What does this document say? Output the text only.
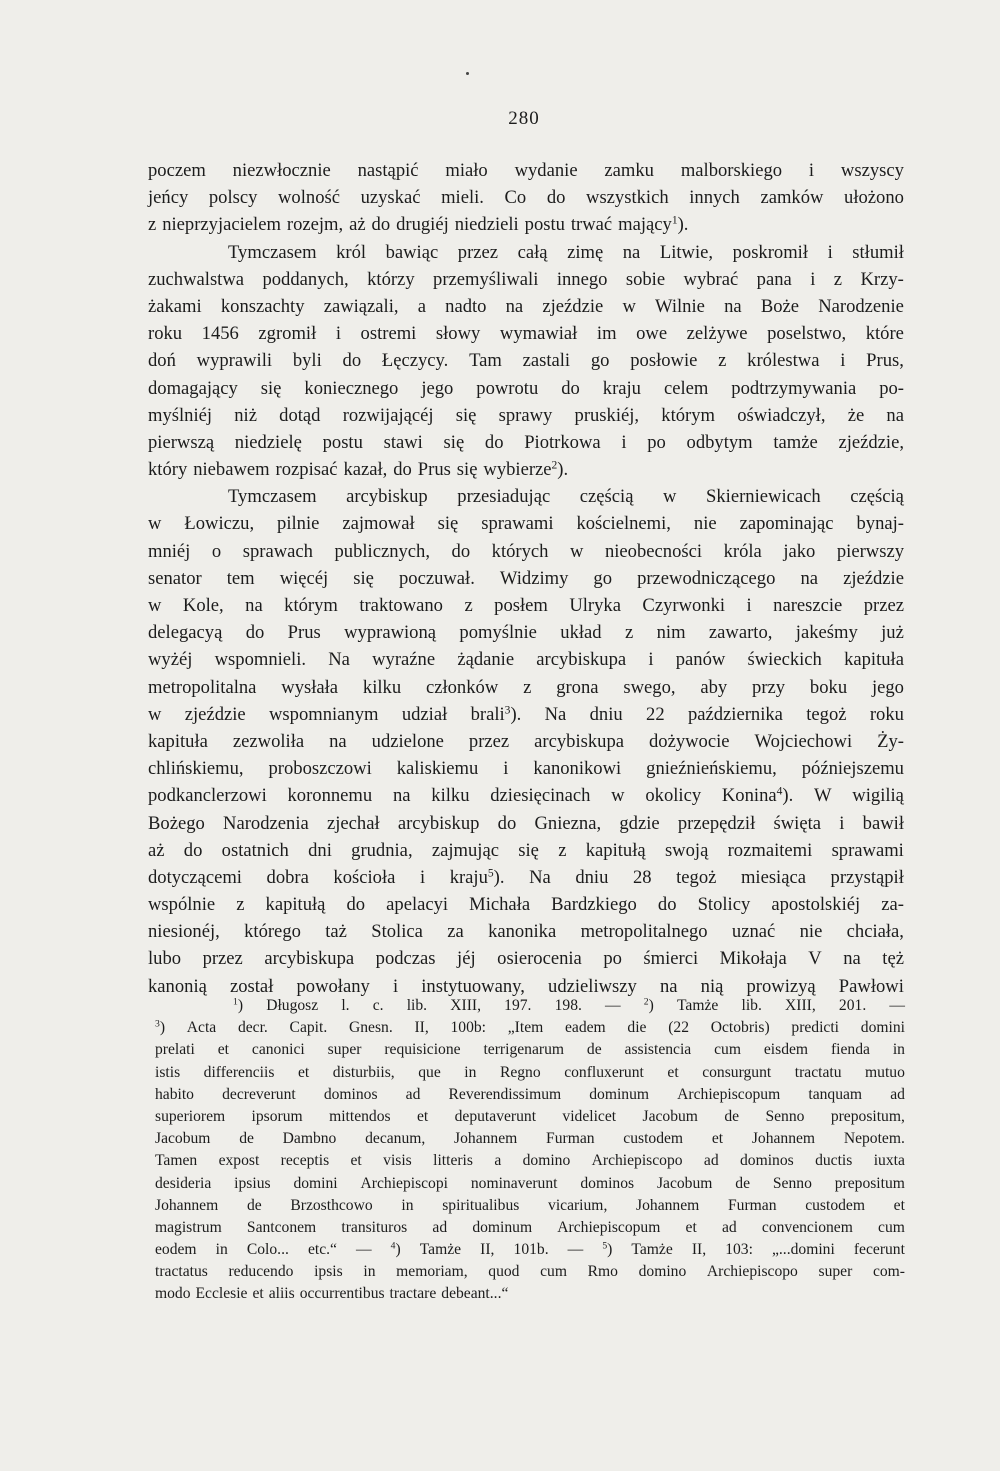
280
poczem niezwłocznie nastąpić miało wydanie zamku malborskiego i wszyscy
jeńcy polscy wolność uzyskać mieli. Co do wszystkich innych zamków ułożono
z nieprzyjacielem rozejm, aż do drugiéj niedzieli postu trwać mający$^1$).
Tymczasem król bawiąc przez całą zimę na Litwie, poskromił i stłumił
zuchwalstwa poddanych, którzy przemyśliwali innego sobie wybrać pana i z Krzy-
żakami konszachty zawiązali, a nadto na zjeździe w Wilnie na Boże Narodzenie
roku 1456 zgromił i ostremi słowy wymawiał im owe zelżywe poselstwo, które
doń wyprawili byli do Łęczycy. Tam zastali go posłowie z królestwa i Prus,
domagający się koniecznego jego powrotu do kraju celem podtrzymywania po-
myślniéj niż dotąd rozwijającéj się sprawy pruskiéj, którym oświadczył, że na
pierwszą niedzielę postu stawi się do Piotrkowa i po odbytym tamże zjeździe,
który niebawem rozpisać kazał, do Prus się wybierze$^2$).
Tymczasem arcybiskup przesiadując częścią w Skierniewicach częścią
w Łowiczu, pilnie zajmował się sprawami kościelnemi, nie zapominając bynaj-
mniéj o sprawach publicznych, do których w nieobecności króla jako pierwszy
senator tem więcéj się poczuwał. Widzimy go przewodniczącego na zjeździe
w Kole, na którym traktowano z posłem Ulryka Czyrwonki i nareszcie przez
delegacyą do Prus wyprawioną pomyślnie układ z nim zawarto, jakeśmy już
wyżéj wspomnieli. Na wyraźne żądanie arcybiskupa i panów świeckich kapituła
metropolitalna wysłała kilku członków z grona swego, aby przy boku jego
w zjeździe wspomnianym udział brali$^3$). Na dniu 22 października tegoż roku
kapituła zezwoliła na udzielone przez arcybiskupa dożywocie Wojciechowi Ży-
chlińskiemu, proboszczowi kaliskiemu i kanonikowi gnieźnieńskiemu, późniejszemu
podkanclerzowi koronnemu na kilku dziesięcinach w okolicy Konina$^4$). W wigilią
Bożego Narodzenia zjechał arcybiskup do Gniezna, gdzie przepędził święta i bawił
aż do ostatnich dni grudnia, zajmując się z kapitułą swoją rozmaitemi sprawami
dotyczącemi dobra kościoła i kraju$^5$). Na dniu 28 tegoż miesiąca przystąpił
wspólnie z kapitułą do apelacyi Michała Bardzkiego do Stolicy apostolskiéj za-
niesionéj, którego taż Stolica za kanonika metropolitalnego uznać nie chciała,
lubo przez arcybiskupa podczas jéj osierocenia po śmierci Mikołaja V na tęż
kanonią został powołany i instytuowany, udzieliwszy na nią prowizyą Pawłowi
$^1$) Długosz l. c. lib. XIII, 197. 198. — $^2$) Tamże lib. XIII, 201. —
$^3$) Acta decr. Capit. Gnesn. II, 100b: „Item eadem die (22 Octobris) predicti domini
prelati et canonici super requisicione terrigenarum de assistencia cum eisdem fienda in
istis differenciis et disturbiis, que in Regno confluxerunt et consurgunt tractatu mutuo
habito decreverunt dominos ad Reverendissimum dominum Archiepiscopum tanquam ad
superiorem ipsorum mittendos et deputaverunt videlicet Jacobum de Senno prepositum,
Jacobum de Dambno decanum, Johannem Furman custodem et Johannem Nepotem.
Tamen expost receptis et visis litteris a domino Archiepiscopo ad dominos ductis iuxta
desideria ipsius domini Archiepiscopi nominaverunt dominos Jacobum de Senno prepositum
Johannem de Brzosthcowo in spiritualibus vicarium, Johannem Furman custodem et
magistrum Santconem transituros ad dominum Archiepiscopum et ad convencionem cum
eodem in Colo... etc.“ — $^4$) Tamże II, 101b. — $^5$) Tamże II, 103: „...domini fecerunt
tractatus reducendo ipsis in memoriam, quod cum Rmo domino Archiepiscopo super com-
modo Ecclesie et aliis occurrentibus tractare debeant...“
